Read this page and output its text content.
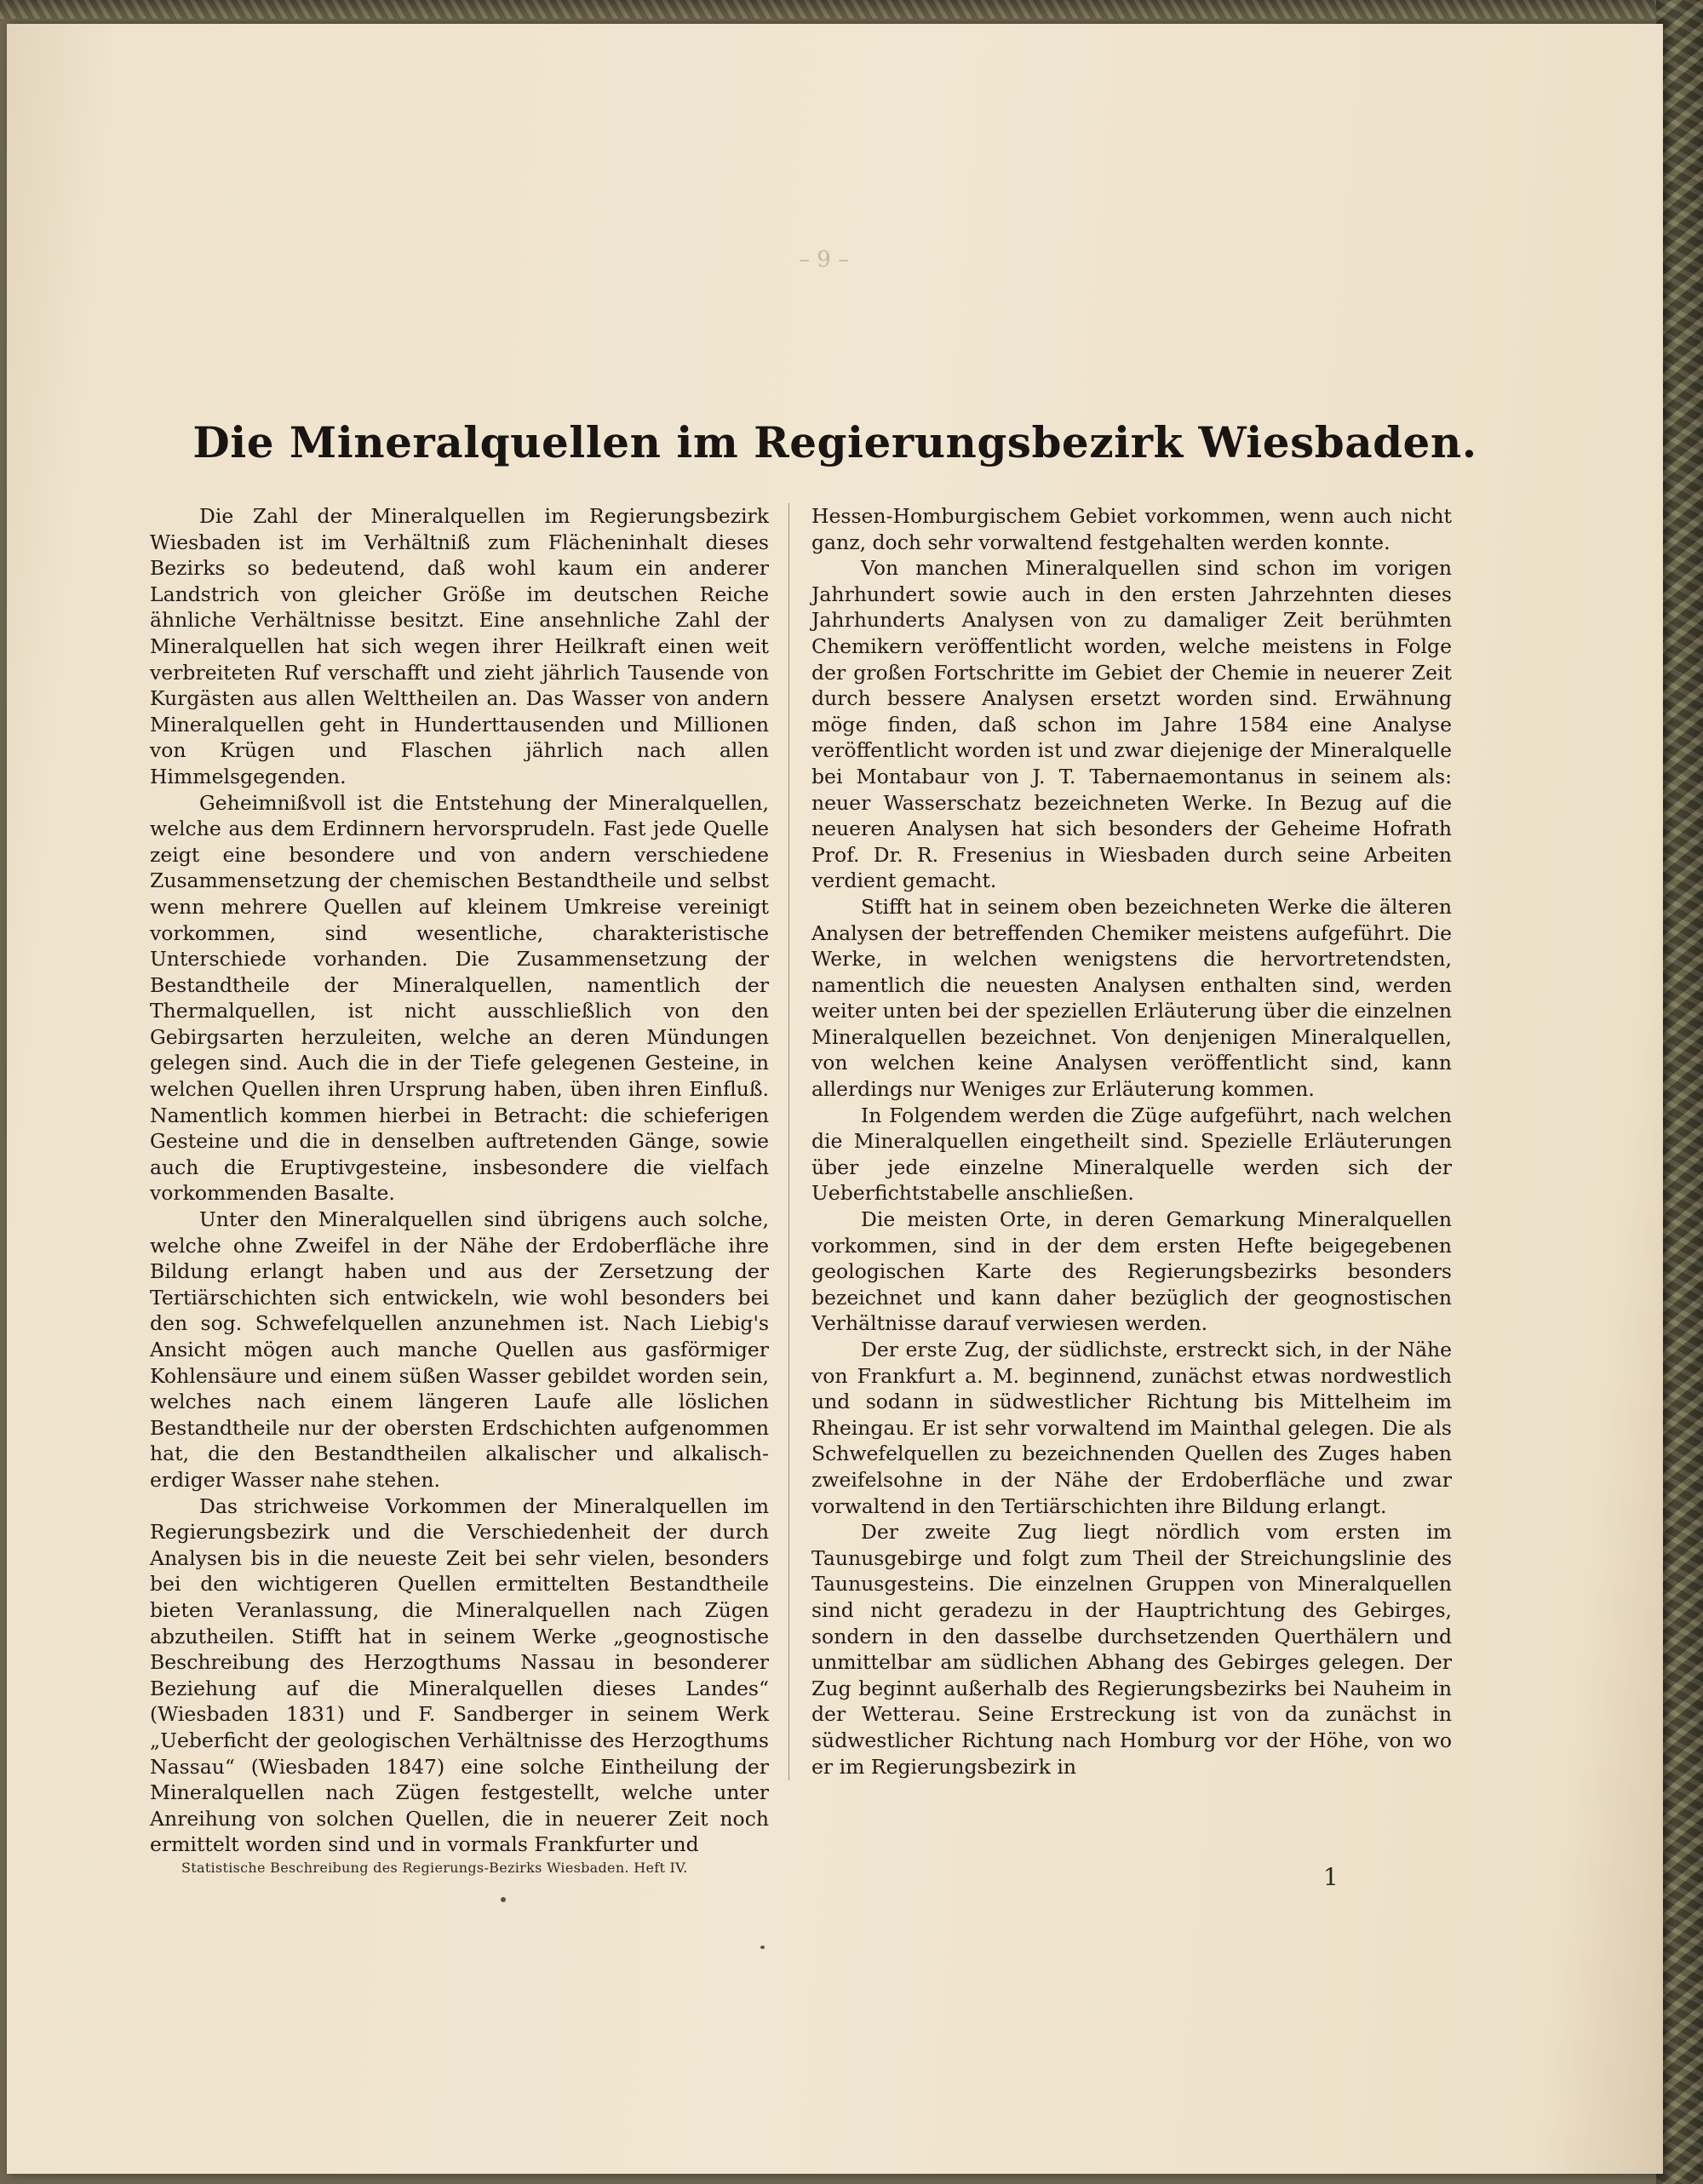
– 9 –
Die Mineralquellen im Regierungsbezirk Wiesbaden.

Die Zahl der Mineralquellen im Regierungsbezirk Wiesbaden ist im Verhältniß zum Flächeninhalt dieses Bezirks so bedeutend, daß wohl kaum ein anderer Landstrich von gleicher Größe im deutschen Reiche ähnliche Verhältnisse besitzt. Eine ansehnliche Zahl der Mineralquellen hat sich wegen ihrer Heilkraft einen weit verbreiteten Ruf verschafft und zieht jährlich Tausende von Kurgästen aus allen Welttheilen an. Das Wasser von andern Mineralquellen geht in Hunderttausenden und Millionen von Krügen und Flaschen jährlich nach allen Himmelsgegenden.

Geheimnißvoll ist die Entstehung der Mineralquellen, welche aus dem Erdinnern hervorsprudeln. Fast jede Quelle zeigt eine besondere und von andern verschiedene Zusammensetzung der chemischen Bestandtheile und selbst wenn mehrere Quellen auf kleinem Umkreise vereinigt vorkommen, sind wesentliche, charakteristische Unterschiede vorhanden. Die Zusammensetzung der Bestandtheile der Mineralquellen, namentlich der Thermalquellen, ist nicht ausschließlich von den Gebirgsarten herzuleiten, welche an deren Mündungen gelegen sind. Auch die in der Tiefe gelegenen Gesteine, in welchen Quellen ihren Ursprung haben, üben ihren Einfluß. Namentlich kommen hierbei in Betracht: die schieferigen Gesteine und die in denselben auftretenden Gänge, sowie auch die Eruptivgesteine, insbesondere die vielfach vorkommenden Basalte.

Unter den Mineralquellen sind übrigens auch solche, welche ohne Zweifel in der Nähe der Erdoberfläche ihre Bildung erlangt haben und aus der Zersetzung der Tertiärschichten sich entwickeln, wie wohl besonders bei den sog. Schwefelquellen anzunehmen ist. Nach Liebig's Ansicht mögen auch manche Quellen aus gasförmiger Kohlensäure und einem süßen Wasser gebildet worden sein, welches nach einem längeren Laufe alle löslichen Bestandtheile nur der obersten Erdschichten aufgenommen hat, die den Bestandtheilen alkalischer und alkalisch-erdiger Wasser nahe stehen.

Das strichweise Vorkommen der Mineralquellen im Regierungsbezirk und die Verschiedenheit der durch Analysen bis in die neueste Zeit bei sehr vielen, besonders bei den wichtigeren Quellen ermittelten Bestandtheile bieten Veranlassung, die Mineralquellen nach Zügen abzutheilen. Stifft hat in seinem Werke „geognostische Beschreibung des Herzogthums Nassau in besonderer Beziehung auf die Mineralquellen dieses Landes“ (Wiesbaden 1831) und F. Sandberger in seinem Werk „Ueberficht der geologischen Verhältnisse des Herzogthums Nassau“ (Wiesbaden 1847) eine solche Eintheilung der Mineralquellen nach Zügen festgestellt, welche unter Anreihung von solchen Quellen, die in neuerer Zeit noch ermittelt worden sind und in vormals Frankfurter und

Hessen-Homburgischem Gebiet vorkommen, wenn auch nicht ganz, doch sehr vorwaltend festgehalten werden konnte.

Von manchen Mineralquellen sind schon im vorigen Jahrhundert sowie auch in den ersten Jahrzehnten dieses Jahrhunderts Analysen von zu damaliger Zeit berühmten Chemikern veröffentlicht worden, welche meistens in Folge der großen Fortschritte im Gebiet der Chemie in neuerer Zeit durch bessere Analysen ersetzt worden sind. Erwähnung möge finden, daß schon im Jahre 1584 eine Analyse veröffentlicht worden ist und zwar diejenige der Mineralquelle bei Montabaur von J. T. Tabernaemontanus in seinem als: neuer Wasserschatz bezeichneten Werke. In Bezug auf die neueren Analysen hat sich besonders der Geheime Hofrath Prof. Dr. R. Fresenius in Wiesbaden durch seine Arbeiten verdient gemacht.

Stifft hat in seinem oben bezeichneten Werke die älteren Analysen der betreffenden Chemiker meistens aufgeführt. Die Werke, in welchen wenigstens die hervortretendsten, namentlich die neuesten Analysen enthalten sind, werden weiter unten bei der speziellen Erläuterung über die einzelnen Mineralquellen bezeichnet. Von denjenigen Mineralquellen, von welchen keine Analysen veröffentlicht sind, kann allerdings nur Weniges zur Erläuterung kommen.

In Folgendem werden die Züge aufgeführt, nach welchen die Mineralquellen eingetheilt sind. Spezielle Erläuterungen über jede einzelne Mineralquelle werden sich der Ueberfichtstabelle anschließen.

Die meisten Orte, in deren Gemarkung Mineralquellen vorkommen, sind in der dem ersten Hefte beigegebenen geologischen Karte des Regierungsbezirks besonders bezeichnet und kann daher bezüglich der geognostischen Verhältnisse darauf verwiesen werden.

Der erste Zug, der südlichste, erstreckt sich, in der Nähe von Frankfurt a. M. beginnend, zunächst etwas nordwestlich und sodann in südwestlicher Richtung bis Mittelheim im Rheingau. Er ist sehr vorwaltend im Mainthal gelegen. Die als Schwefelquellen zu bezeichnenden Quellen des Zuges haben zweifelsohne in der Nähe der Erdoberfläche und zwar vorwaltend in den Tertiärschichten ihre Bildung erlangt.

Der zweite Zug liegt nördlich vom ersten im Taunusgebirge und folgt zum Theil der Streichungslinie des Taunusgesteins. Die einzelnen Gruppen von Mineralquellen sind nicht geradezu in der Hauptrichtung des Gebirges, sondern in den dasselbe durchsetzenden Querthälern und unmittelbar am südlichen Abhang des Gebirges gelegen. Der Zug beginnt außerhalb des Regierungsbezirks bei Nauheim in der Wetterau. Seine Erstreckung ist von da zunächst in südwestlicher Richtung nach Homburg vor der Höhe, von wo er im Regierungsbezirk in

Statistische Beschreibung des Regierungs-Bezirks Wiesbaden. Heft IV.	1
